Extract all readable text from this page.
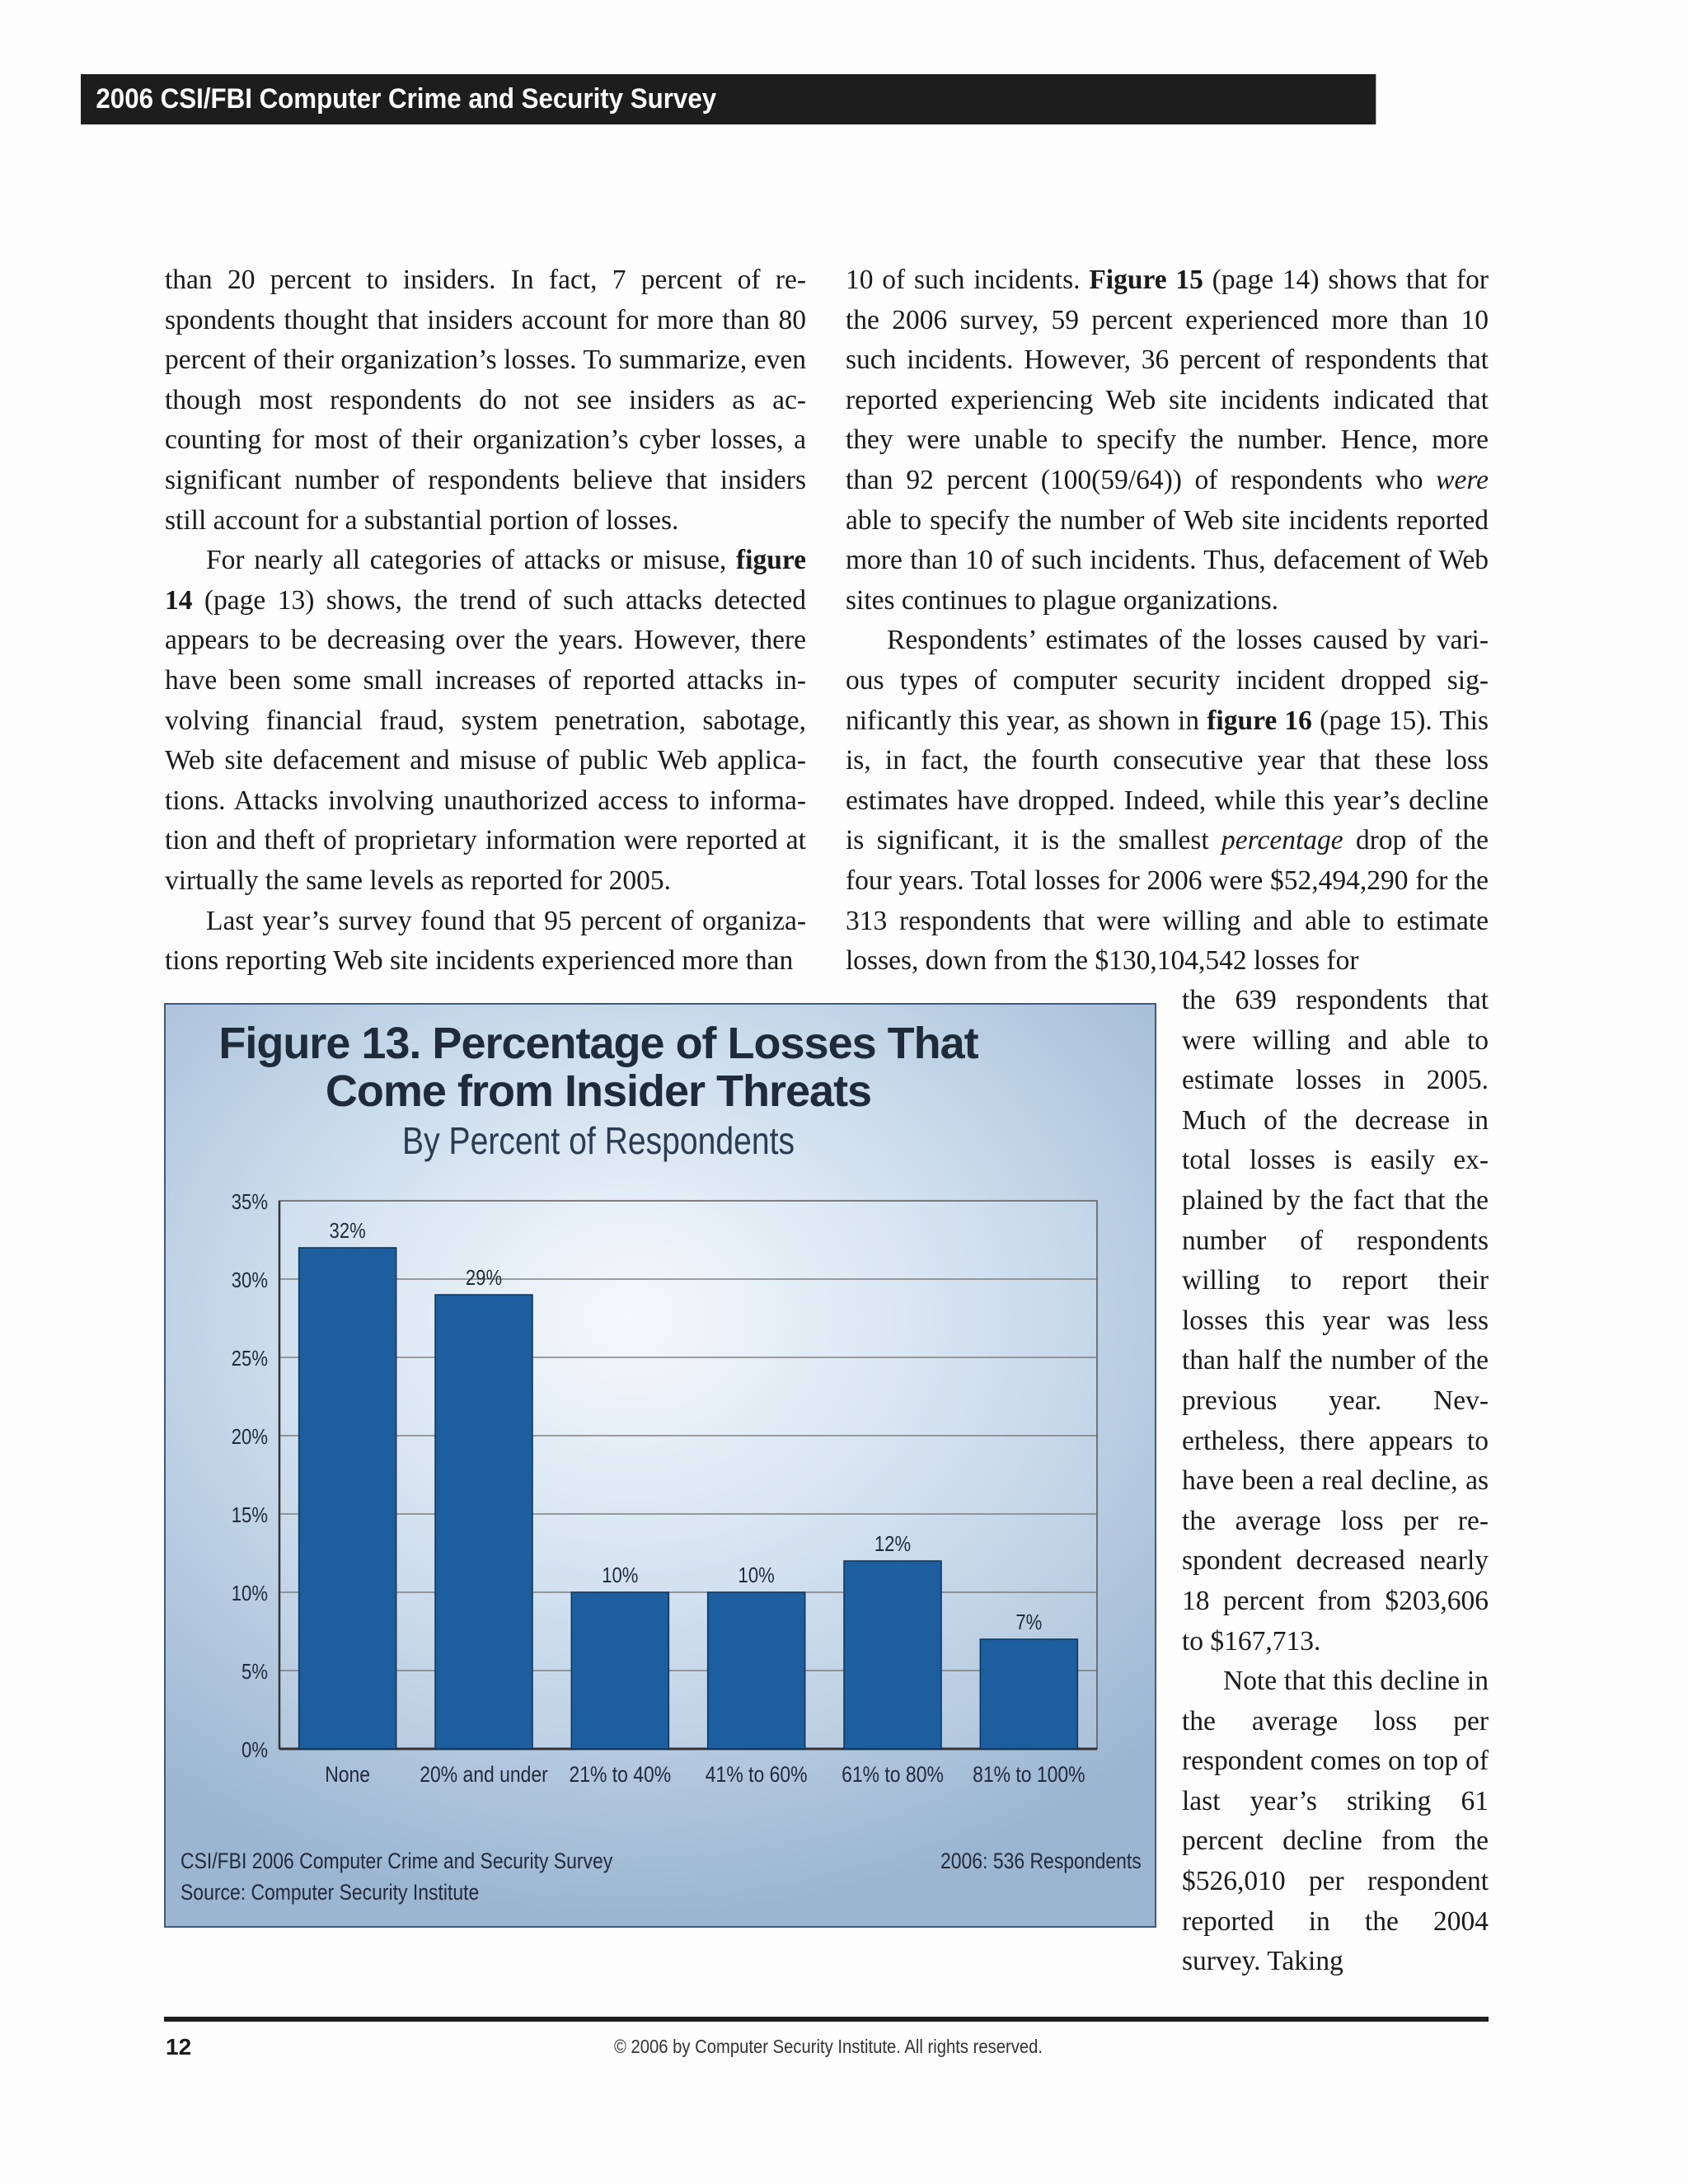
2006 CSI/FBI Computer Crime and Security Survey

than 20 percent to insiders. In fact, 7 percent of respondents thought that insiders account for more than 80 percent of their organization’s losses. To summarize, even though most respondents do not see insiders as accounting for most of their organization’s cyber losses, a significant number of respondents believe that insiders still account for a substantial portion of losses.

For nearly all categories of attacks or misuse, figure 14 (page 13) shows, the trend of such attacks detected appears to be decreasing over the years. However, there have been some small increases of reported attacks involving financial fraud, system penetration, sabotage, Web site defacement and misuse of public Web applications. Attacks involving unauthorized access to information and theft of proprietary information were reported at virtually the same levels as reported for 2005.

Last year’s survey found that 95 percent of organizations reporting Web site incidents experienced more than

10 of such incidents. Figure 15 (page 14) shows that for the 2006 survey, 59 percent experienced more than 10 such incidents. However, 36 percent of respondents that reported experiencing Web site incidents indicated that they were unable to specify the number. Hence, more than 92 percent (100(59/64)) of respondents who were able to specify the number of Web site incidents reported more than 10 of such incidents. Thus, defacement of Web sites continues to plague organizations.

Respondents’ estimates of the losses caused by various types of computer security incident dropped significantly this year, as shown in figure 16 (page 15). This is, in fact, the fourth consecutive year that these loss estimates have dropped. Indeed, while this year’s decline is significant, it is the smallest percentage drop of the four years. Total losses for 2006 were $52,494,290 for the 313 respondents that were willing and able to estimate losses, down from the $130,104,542 losses for

the 639 respondents that were willing and able to estimate losses in 2005. Much of the decrease in total losses is easily explained by the fact that the number of respondents willing to report their losses this year was less than half the number of the previous year. Nevertheless, there appears to have been a real decline, as the average loss per respondent decreased nearly 18 percent from $203,606 to $167,713.

Note that this decline in the average loss per respondent comes on top of last year’s striking 61 percent decline from the $526,010 per respondent reported in the 2004 survey. Taking

Figure 13. Percentage of Losses That
Come from Insider Threats
By Percent of Respondents
0%
5%
10%
15%
20%
25%
30%
35%
32%
None
29%
20% and under
10%
21% to 40%
10%
41% to 60%
12%
61% to 80%
7%
81% to 100%
CSI/FBI 2006 Computer Crime and Security Survey
Source: Computer Security Institute
2006: 536 Respondents
12	© 2006 by Computer Security Institute. All rights reserved.
